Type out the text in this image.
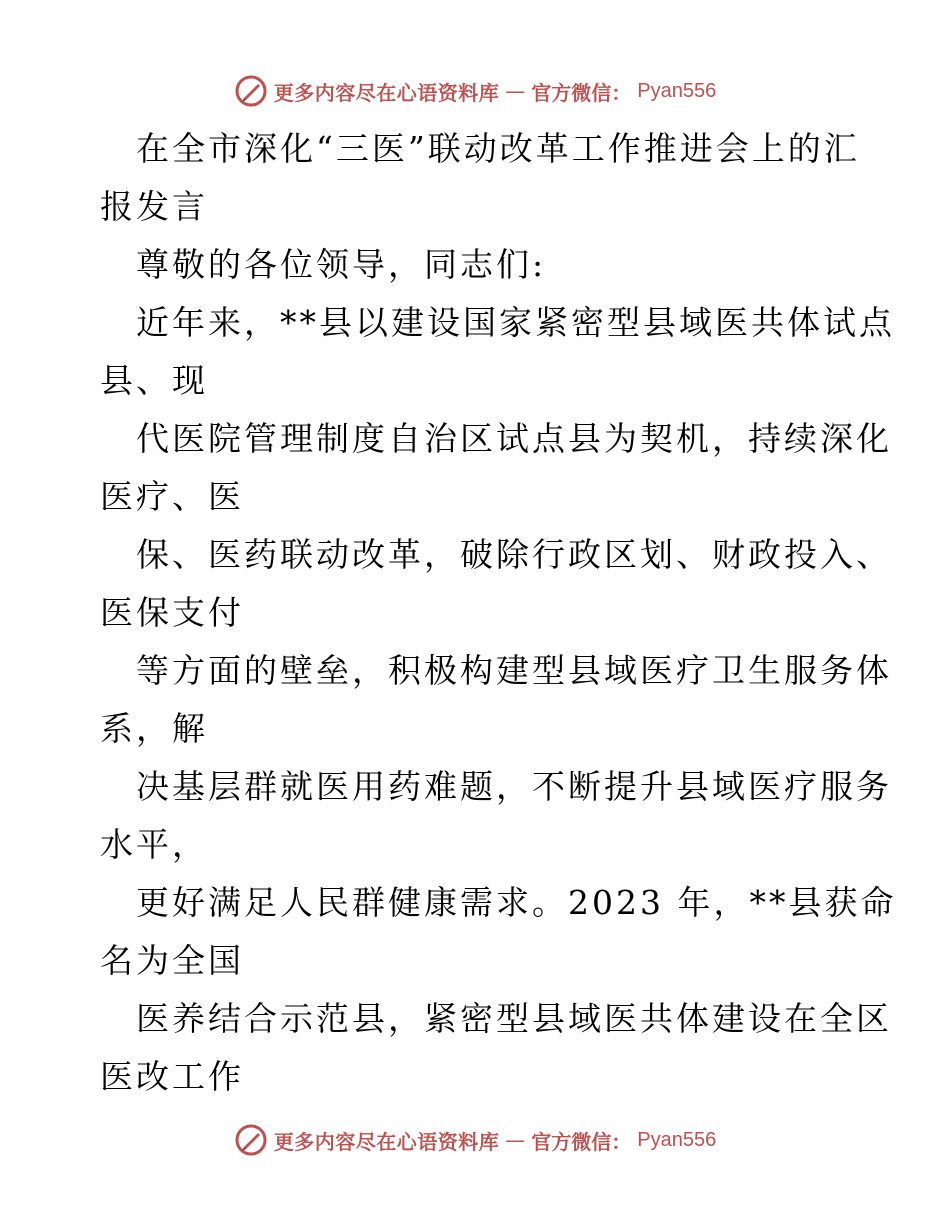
更多内容尽在心语资料库 — 官方微信： Pyan556
在全市深化“三医”联动改革工作推进会上的汇
报发言
尊敬的各位领导，同志们:
近年来，**县以建设国家紧密型县域医共体试点
县、现
代医院管理制度自治区试点县为契机，持续深化
医疗、医
保、医药联动改革，破除行政区划、财政投入、
医保支付
等方面的壁垒，积极构建型县域医疗卫生服务体
系，解
决基层群就医用药难题，不断提升县域医疗服务
水平，
更好满足人民群健康需求。2023 年，**县获命
名为全国
医养结合示范县，紧密型县域医共体建设在全区
医改工作
更多内容尽在心语资料库 — 官方微信： Pyan556
